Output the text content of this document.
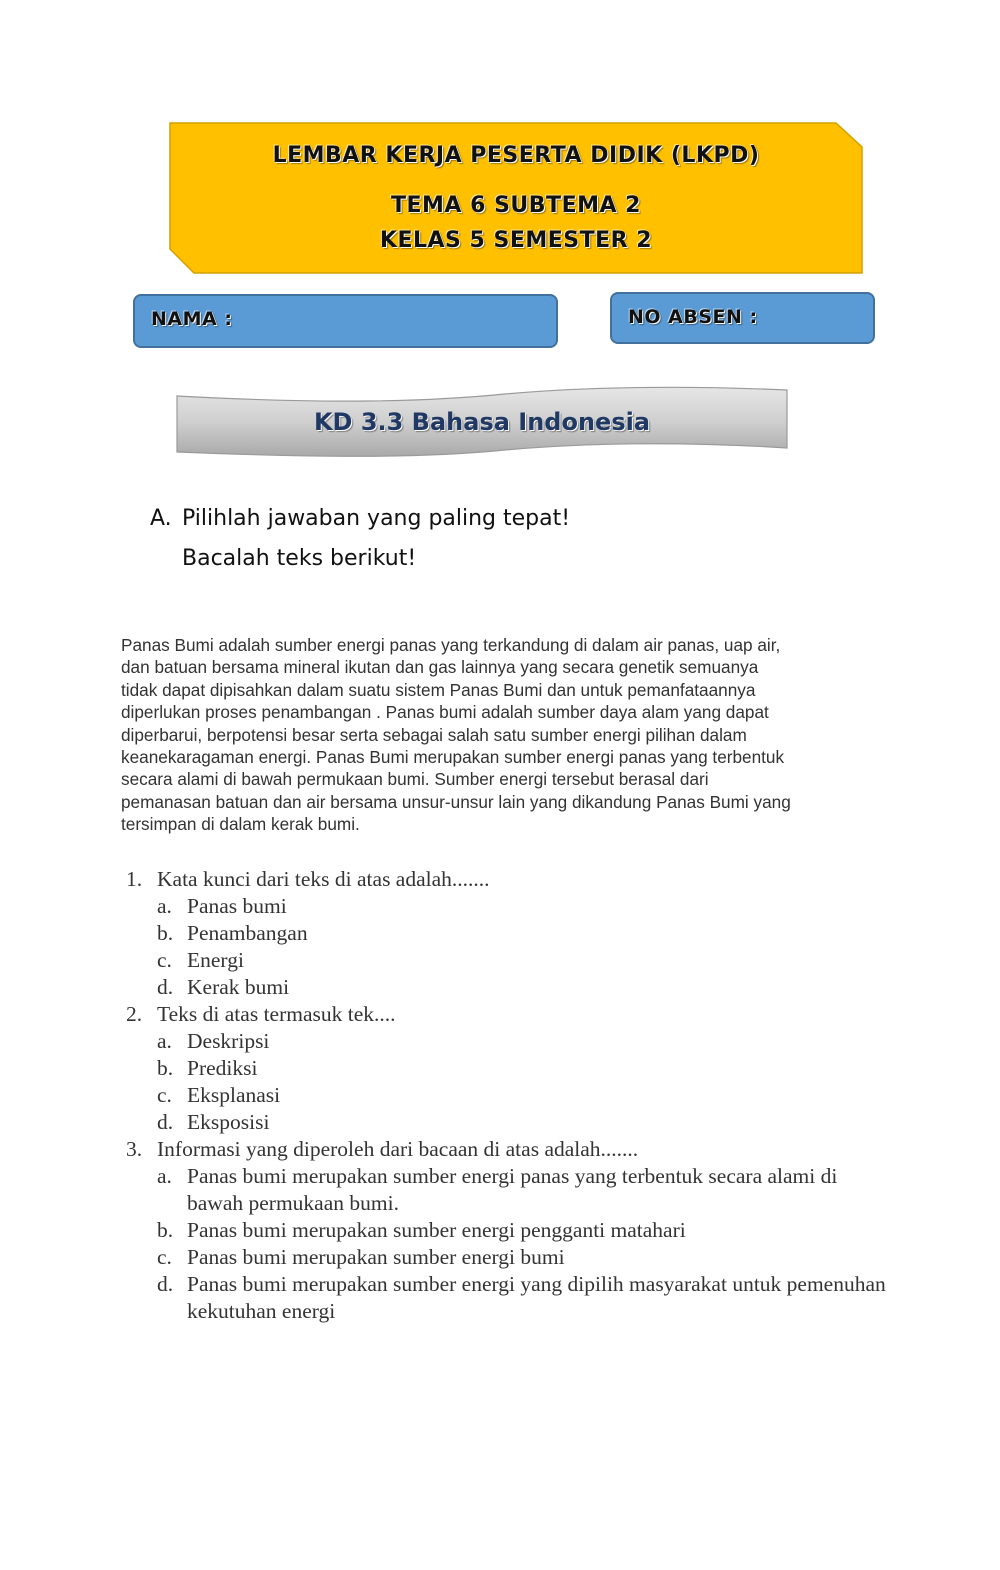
LEMBAR KERJA PESERTA DIDIK (LKPD)
TEMA 6 SUBTEMA 2
KELAS 5 SEMESTER 2
NAMA :	NO ABSEN :
KD 3.3 Bahasa Indonesia
A. Pilihlah jawaban yang paling tepat!
Bacalah teks berikut!

Panas Bumi adalah sumber energi panas yang terkandung di dalam air panas, uap air,
dan batuan bersama mineral ikutan dan gas lainnya yang secara genetik semuanya
tidak dapat dipisahkan dalam suatu sistem Panas Bumi dan untuk pemanfataannya
diperlukan proses penambangan . Panas bumi adalah sumber daya alam yang dapat
diperbarui, berpotensi besar serta sebagai salah satu sumber energi pilihan dalam
keanekaragaman energi. Panas Bumi merupakan sumber energi panas yang terbentuk
secara alami di bawah permukaan bumi. Sumber energi tersebut berasal dari
pemanasan batuan dan air bersama unsur-unsur lain yang dikandung Panas Bumi yang
tersimpan di dalam kerak bumi.

1. Kata kunci dari teks di atas adalah.......
a. Panas bumi
b. Penambangan
c. Energi
d. Kerak bumi
2. Teks di atas termasuk tek....
a. Deskripsi
b. Prediksi
c. Eksplanasi
d. Eksposisi
3. Informasi yang diperoleh dari bacaan di atas adalah.......
a. Panas bumi merupakan sumber energi panas yang terbentuk secara alami di bawah permukaan bumi.
b. Panas bumi merupakan sumber energi pengganti matahari
c. Panas bumi merupakan sumber energi bumi
d. Panas bumi merupakan sumber energi yang dipilih masyarakat untuk pemenuhan kekutuhan energi
